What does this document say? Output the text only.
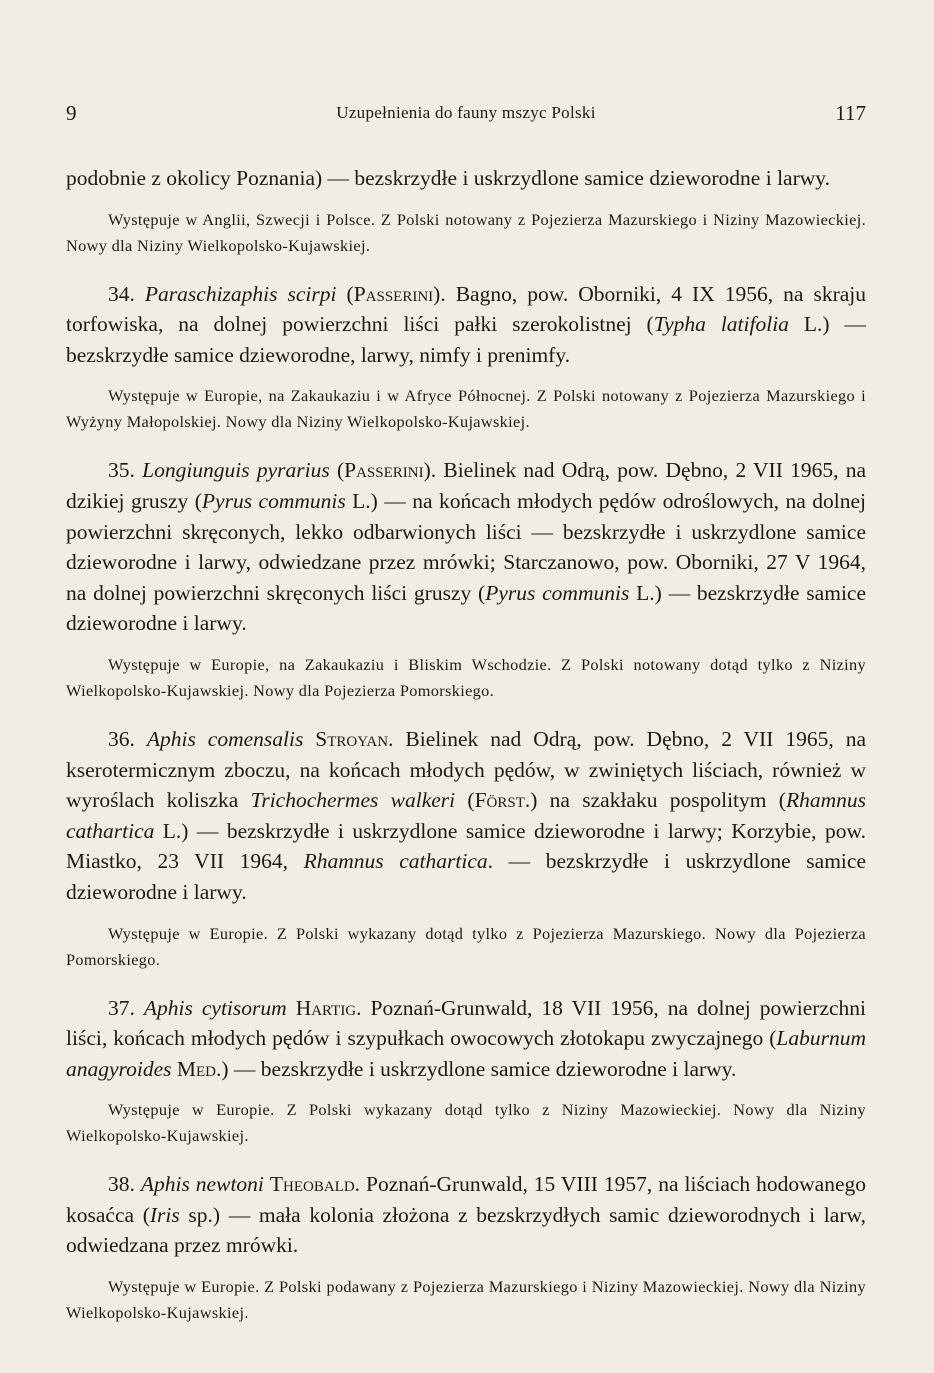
9	Uzupełnienia do fauny mszyc Polski	117

podobnie z okolicy Poznania) — bezskrzydłe i uskrzydlone samice dzieworodne i larwy.

Występuje w Anglii, Szwecji i Polsce. Z Polski notowany z Pojezierza Mazurskiego i Niziny Mazowieckiej. Nowy dla Niziny Wielkopolsko-Kujawskiej.

34. Paraschizaphis scirpi (Passerini). Bagno, pow. Oborniki, 4 IX 1956, na skraju torfowiska, na dolnej powierzchni liści pałki szerokolistnej (Typha latifolia L.) — bezskrzydłe samice dzieworodne, larwy, nimfy i prenimfy.

Występuje w Europie, na Zakaukaziu i w Afryce Północnej. Z Polski notowany z Pojezierza Mazurskiego i Wyżyny Małopolskiej. Nowy dla Niziny Wielkopolsko-Kujawskiej.

35. Longiunguis pyrarius (Passerini). Bielinek nad Odrą, pow. Dębno, 2 VII 1965, na dzikiej gruszy (Pyrus communis L.) — na końcach młodych pędów odroślowych, na dolnej powierzchni skręconych, lekko odbarwionych liści — bezskrzydłe i uskrzydlone samice dzieworodne i larwy, odwiedzane przez mrówki; Starczanowo, pow. Oborniki, 27 V 1964, na dolnej powierzchni skręconych liści gruszy (Pyrus communis L.) — bezskrzydłe samice dzieworodne i larwy.

Występuje w Europie, na Zakaukaziu i Bliskim Wschodzie. Z Polski notowany dotąd tylko z Niziny Wielkopolsko-Kujawskiej. Nowy dla Pojezierza Pomorskiego.

36. Aphis comensalis Stroyan. Bielinek nad Odrą, pow. Dębno, 2 VII 1965, na kserotermicznym zboczu, na końcach młodych pędów, w zwiniętych liściach, również w wyroślach koliszka Trichochermes walkeri (Först.) na szakłaku pospolitym (Rhamnus cathartica L.) — bezskrzydłe i uskrzydlone samice dzieworodne i larwy; Korzybie, pow. Miastko, 23 VII 1964, Rhamnus cathartica. — bezskrzydłe i uskrzydlone samice dzieworodne i larwy.

Występuje w Europie. Z Polski wykazany dotąd tylko z Pojezierza Mazurskiego. Nowy dla Pojezierza Pomorskiego.

37. Aphis cytisorum Hartig. Poznań-Grunwald, 18 VII 1956, na dolnej powierzchni liści, końcach młodych pędów i szypułkach owocowych złotokapu zwyczajnego (Laburnum anagyroides Med.) — bezskrzydłe i uskrzydlone samice dzieworodne i larwy.

Występuje w Europie. Z Polski wykazany dotąd tylko z Niziny Mazowieckiej. Nowy dla Niziny Wielkopolsko-Kujawskiej.

38. Aphis newtoni Theobald. Poznań-Grunwald, 15 VIII 1957, na liściach hodowanego kosaćca (Iris sp.) — mała kolonia złożona z bezskrzydłych samic dzieworodnych i larw, odwiedzana przez mrówki.

Występuje w Europie. Z Polski podawany z Pojezierza Mazurskiego i Niziny Mazowieckiej. Nowy dla Niziny Wielkopolsko-Kujawskiej.
